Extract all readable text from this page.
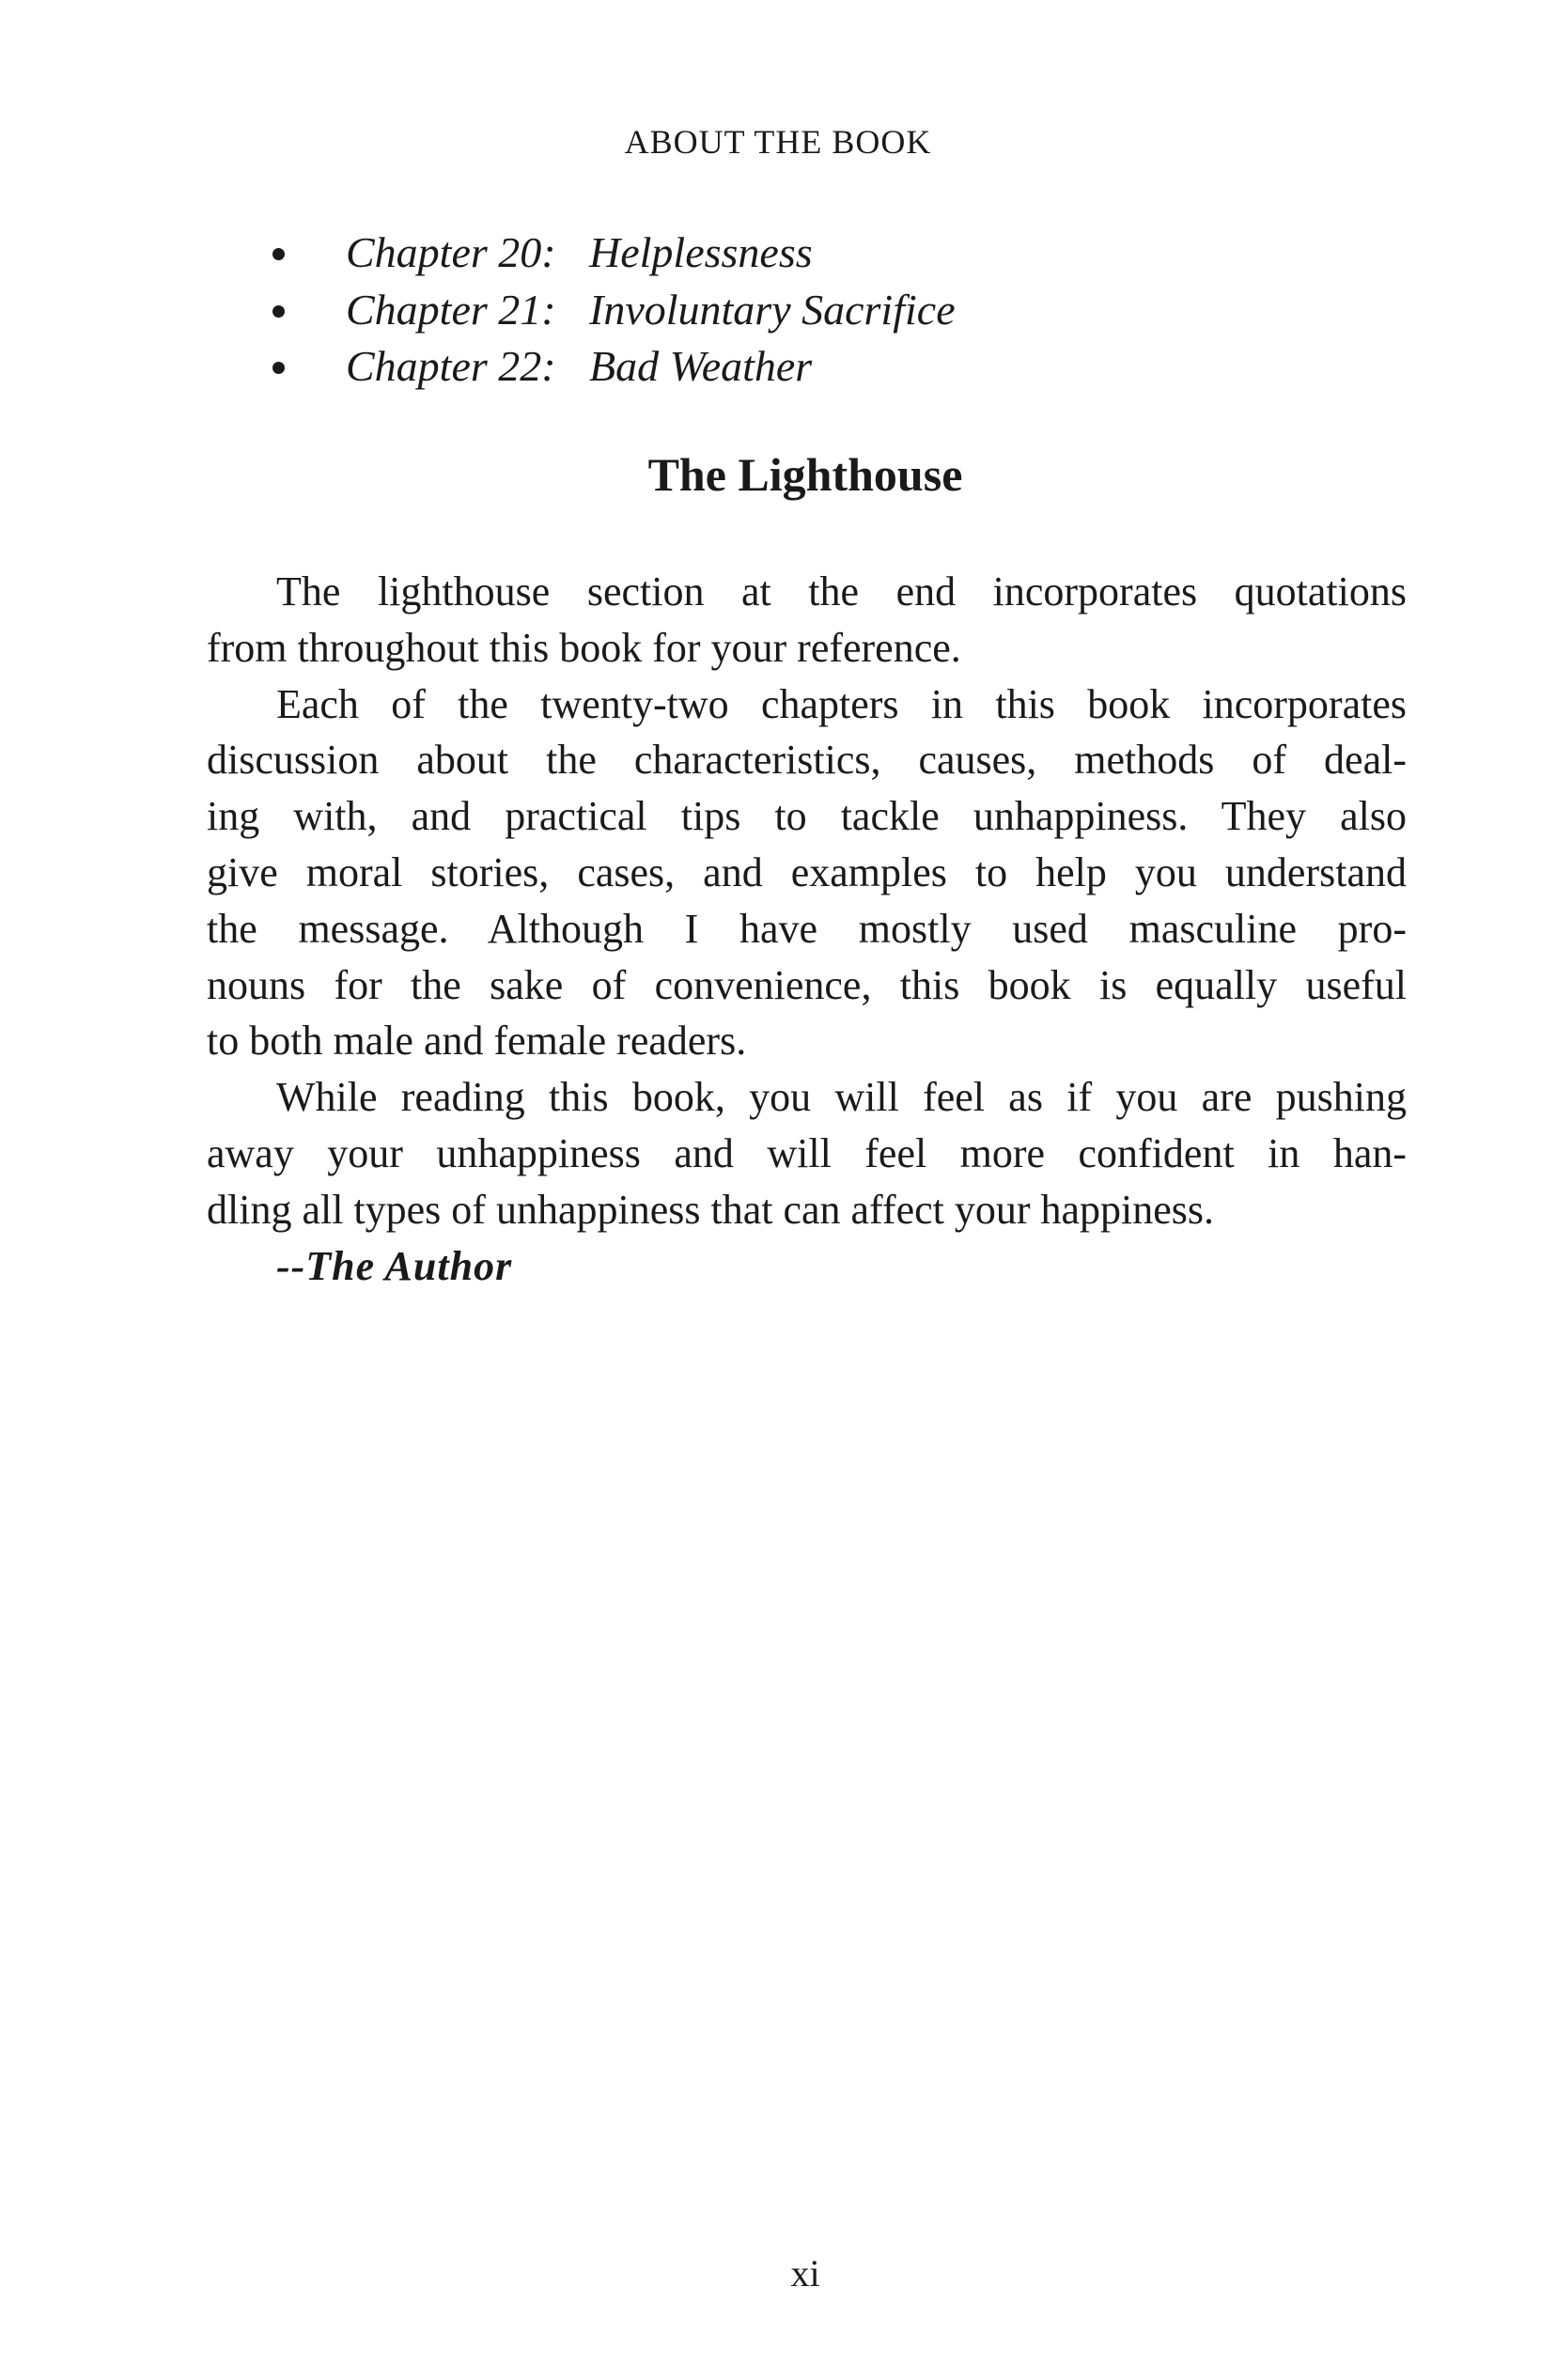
ABOUT THE BOOK
Chapter 20: Helplessness
Chapter 21: Involuntary Sacrifice
Chapter 22: Bad Weather
The Lighthouse
The lighthouse section at the end incorporates quotations
from throughout this book for your reference.
Each of the twenty-two chapters in this book incorporates
discussion about the characteristics, causes, methods of deal-
ing with, and practical tips to tackle unhappiness. They also
give moral stories, cases, and examples to help you understand
the message. Although I have mostly used masculine pro-
nouns for the sake of convenience, this book is equally useful
to both male and female readers.
While reading this book, you will feel as if you are pushing
away your unhappiness and will feel more confident in han-
dling all types of unhappiness that can affect your happiness.
--The Author
xi
